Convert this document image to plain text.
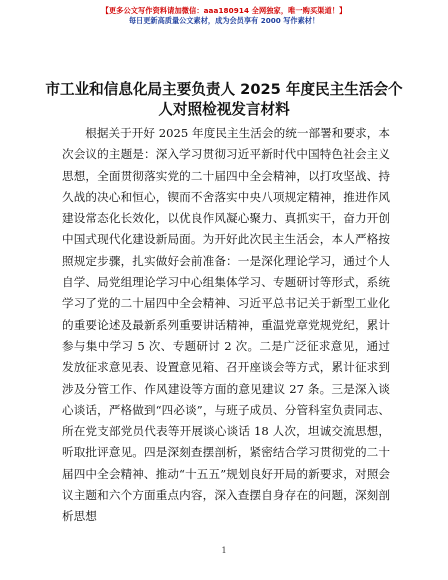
【更多公文写作资料请加微信：aaa180914 全网独家，唯一购买渠道！】
每日更新高质量公文素材，成为会员享有 2000 写作素材！
市工业和信息化局主要负责人 2025 年度民主生活会个人对照检视发言材料

根据关于开好 2025 年度民主生活会的统一部署和要求，本次会议的主题是：深入学习贯彻习近平新时代中国特色社会主义思想，全面贯彻落实党的二十届四中全会精神，以打攻坚战、持久战的决心和恒心，锲而不舍落实中央八项规定精神，推进作风建设常态化长效化，以优良作风凝心聚力、真抓实干，奋力开创中国式现代化建设新局面。为开好此次民主生活会，本人严格按照规定步骤，扎实做好会前准备：一是深化理论学习，通过个人自学、局党组理论学习中心组集体学习、专题研讨等形式，系统学习了党的二十届四中全会精神、习近平总书记关于新型工业化的重要论述及最新系列重要讲话精神，重温党章党规党纪，累计参与集中学习 5 次、专题研讨 2 次。二是广泛征求意见，通过发放征求意见表、设置意见箱、召开座谈会等方式，累计征求到涉及分管工作、作风建设等方面的意见建议 27 条。三是深入谈心谈话，严格做到“四必谈”，与班子成员、分管科室负责同志、所在党支部党员代表等开展谈心谈话 18 人次，坦诚交流思想，听取批评意见。四是深刻查摆剖析，紧密结合学习贯彻党的二十届四中全会精神、推动“十五五”规划良好开局的新要求，对照会议主题和六个方面重点内容，深入查摆自身存在的问题，深刻剖析思想

1
